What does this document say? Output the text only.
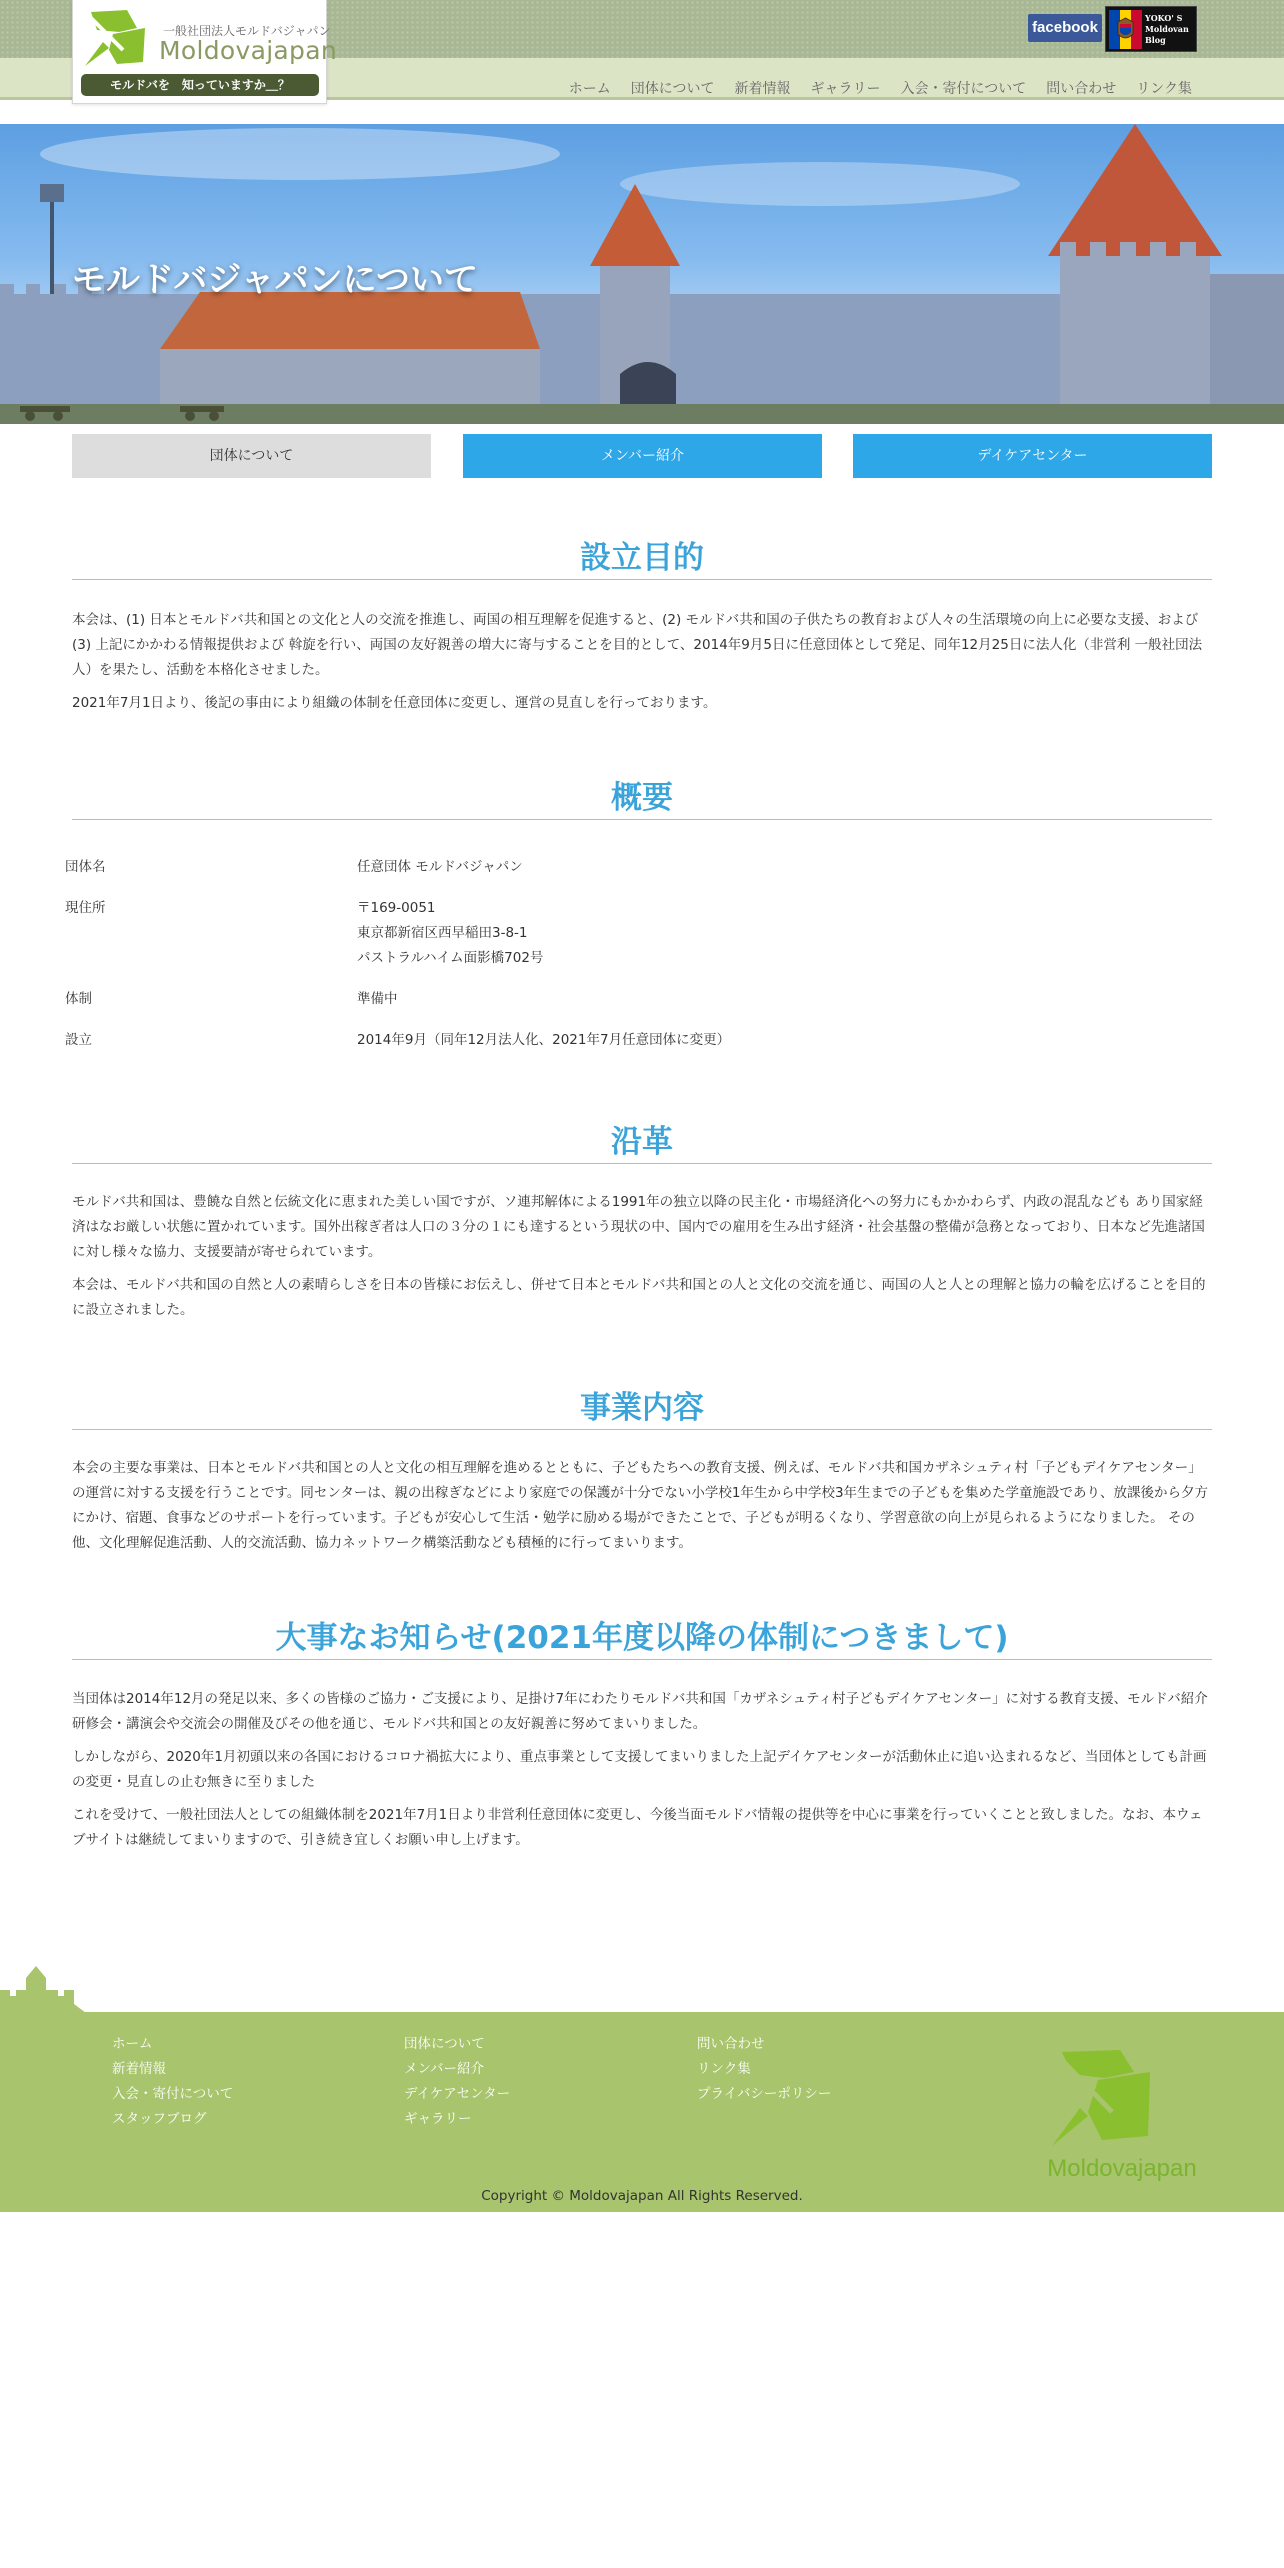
一般社団法人モルドバジャパン
Moldovajapan
モルドバを　知っていますか＿？
facebook
YOKO' S
Moldovan
Blog
ホーム 団体について 新着情報 ギャラリー 入会・寄付について 問い合わせ リンク集
モルドバジャパンについて
団体について	メンバー紹介	デイケアセンター
設立目的

本会は、(1) 日本とモルドバ共和国との文化と人の交流を推進し、両国の相互理解を促進すると、(2) モルドバ共和国の子供たちの教育および人々の生活環境の向上に必要な支援、および (3) 上記にかかわる情報提供および 斡旋を行い、両国の友好親善の増大に寄与することを目的として、2014年9月5日に任意団体として発足、同年12月25日に法人化（非営利 一般社団法人）を果たし、活動を本格化させました。

2021年7月1日より、後記の事由により組織の体制を任意団体に変更し、運営の見直しを行っております。

概要
団体名	任意団体 モルドバジャパン
現住所	〒169-0051
東京都新宿区西早稲田3-8-1
パストラルハイム面影橋702号
体制	準備中
設立	2014年9月（同年12月法人化、2021年7月任意団体に変更）
沿革

モルドバ共和国は、豊饒な自然と伝統文化に恵まれた美しい国ですが、ソ連邦解体による1991年の独立以降の民主化・市場経済化への努力にもかかわらず、内政の混乱なども あり国家経済はなお厳しい状態に置かれています。国外出稼ぎ者は人口の３分の１にも達するという現状の中、国内での雇用を生み出す経済・社会基盤の整備が急務となっており、日本など先進諸国に対し様々な協力、支援要請が寄せられています。

本会は、モルドバ共和国の自然と人の素晴らしさを日本の皆様にお伝えし、併せて日本とモルドバ共和国との人と文化の交流を通じ、両国の人と人との理解と協力の輪を広げることを目的に設立されました。

事業内容

本会の主要な事業は、日本とモルドバ共和国との人と文化の相互理解を進めるとともに、子どもたちへの教育支援、例えば、モルドバ共和国カザネシュティ村「子どもデイケアセンター」の運営に対する支援を行うことです。同センターは、親の出稼ぎなどにより家庭での保護が十分でない小学校1年生から中学校3年生までの子どもを集めた学童施設であり、放課後から夕方にかけ、宿題、食事などのサポートを行っています。子どもが安心して生活・勉学に励める場ができたことで、子どもが明るくなり、学習意欲の向上が見られるようになりました。 その他、文化理解促進活動、人的交流活動、協力ネットワーク構築活動なども積極的に行ってまいります。

大事なお知らせ(2021年度以降の体制につきまして)

当団体は2014年12月の発足以来、多くの皆様のご協力・ご支援により、足掛け7年にわたりモルドバ共和国「カザネシュティ村子どもデイケアセンター」に対する教育支援、モルドバ紹介研修会・講演会や交流会の開催及びその他を通じ、モルドバ共和国との友好親善に努めてまいりました。

しかしながら、2020年1月初頭以来の各国におけるコロナ禍拡大により、重点事業として支援してまいりました上記デイケアセンターが活動休止に追い込まれるなど、当団体としても計画の変更・見直しの止む無きに至りました

これを受けて、一般社団法人としての組織体制を2021年7月1日より非営利任意団体に変更し、今後当面モルドバ情報の提供等を中心に事業を行っていくことと致しました。なお、本ウェブサイトは継続してまいりますので、引き続き宜しくお願い申し上げます。

ホーム
新着情報
入会・寄付について
スタッフブログ
団体について
メンバー紹介
デイケアセンター
ギャラリー
問い合わせ
リンク集
プライバシーポリシー
Moldovajapan
Copyright © Moldovajapan All Rights Reserved.
